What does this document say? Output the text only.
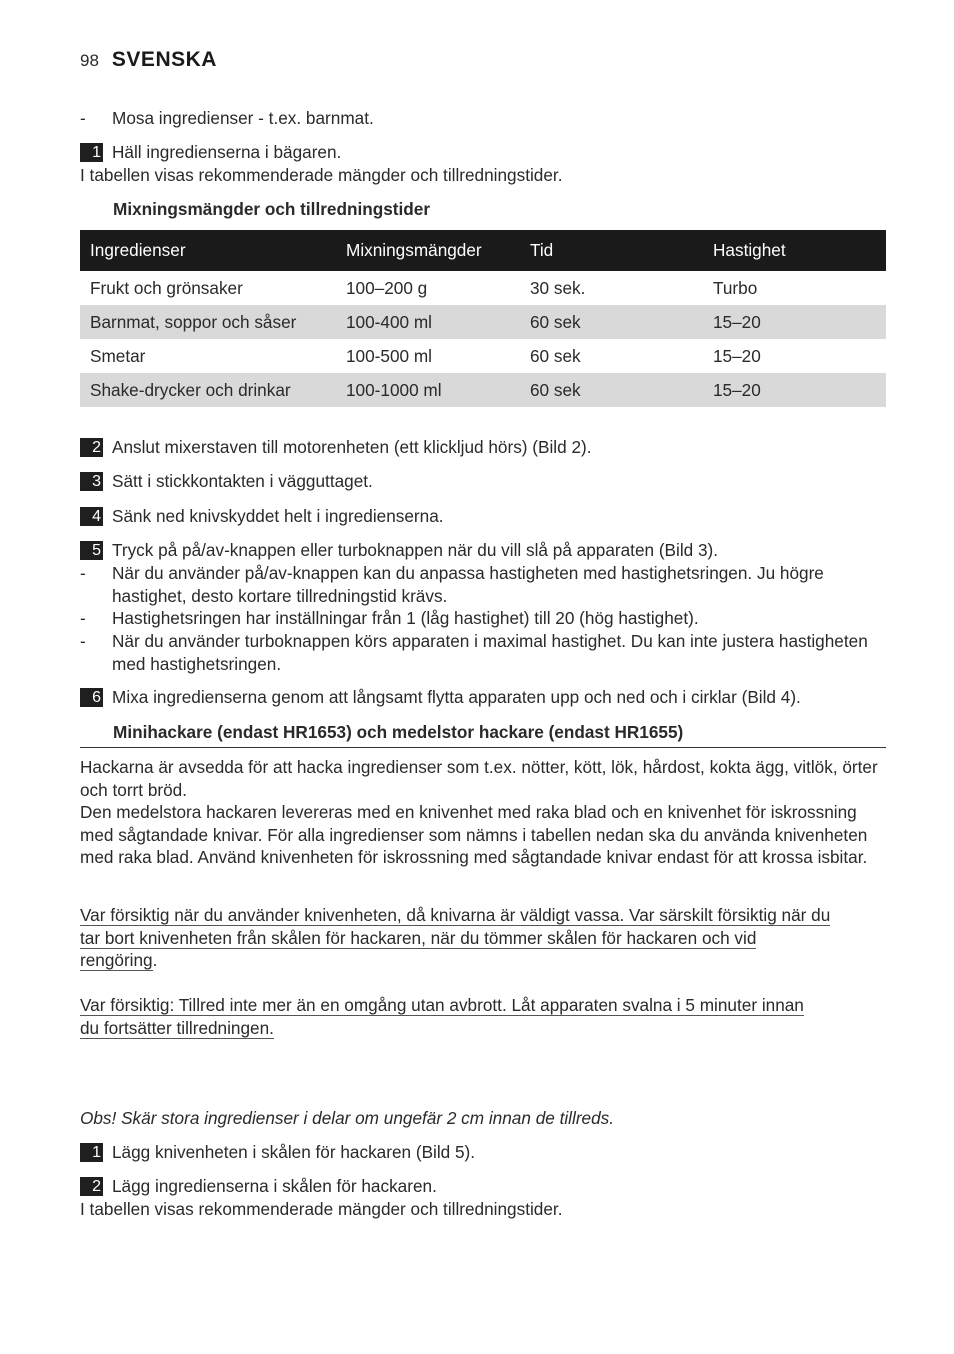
98 SVENSKA
-	Mosa ingredienser - t.ex. barnmat.
1 Häll ingredienserna i bägaren.
I tabellen visas rekommenderade mängder och tillredningstider.
Mixningsmängder och tillredningstider
Ingredienser	Mixningsmängder	Tid	Hastighet
Frukt och grönsaker	100–200 g	30 sek.	Turbo
Barnmat, soppor och såser	100-400 ml	60 sek	15–20
Smetar	100-500 ml	60 sek	15–20
Shake-drycker och drinkar	100-1000 ml	60 sek	15–20
2 Anslut mixerstaven till motorenheten (ett klickljud hörs) (Bild 2).
3 Sätt i stickkontakten i vägguttaget.
4 Sänk ned knivskyddet helt i ingredienserna.
5 Tryck på på/av-knappen eller turboknappen när du vill slå på apparaten (Bild 3).
-	När du använder på/av-knappen kan du anpassa hastigheten med hastighetsringen. Ju högre hastighet, desto kortare tillredningstid krävs.
-	Hastighetsringen har inställningar från 1 (låg hastighet) till 20 (hög hastighet).
-	När du använder turboknappen körs apparaten i maximal hastighet. Du kan inte justera hastigheten med hastighetsringen.
6 Mixa ingredienserna genom att långsamt flytta apparaten upp och ned och i cirklar (Bild 4).
Minihackare (endast HR1653) och medelstor hackare (endast HR1655)
Hackarna är avsedda för att hacka ingredienser som t.ex. nötter, kött, lök, hårdost, kokta ägg, vitlök, örter och torrt bröd.
Den medelstora hackaren levereras med en knivenhet med raka blad och en knivenhet för iskrossning med sågtandade knivar. För alla ingredienser som nämns i tabellen nedan ska du använda knivenheten med raka blad. Använd knivenheten för iskrossning med sågtandade knivar endast för att krossa isbitar.
Var försiktig när du använder knivenheten, då knivarna är väldigt vassa. Var särskilt försiktig när du
tar bort knivenheten från skålen för hackaren, när du tömmer skålen för hackaren och vid
rengöring.
Var försiktig: Tillred inte mer än en omgång utan avbrott. Låt apparaten svalna i 5 minuter innan
du fortsätter tillredningen.
Obs! Skär stora ingredienser i delar om ungefär 2 cm innan de tillreds.
1 Lägg knivenheten i skålen för hackaren (Bild 5).
2 Lägg ingredienserna i skålen för hackaren.
I tabellen visas rekommenderade mängder och tillredningstider.
